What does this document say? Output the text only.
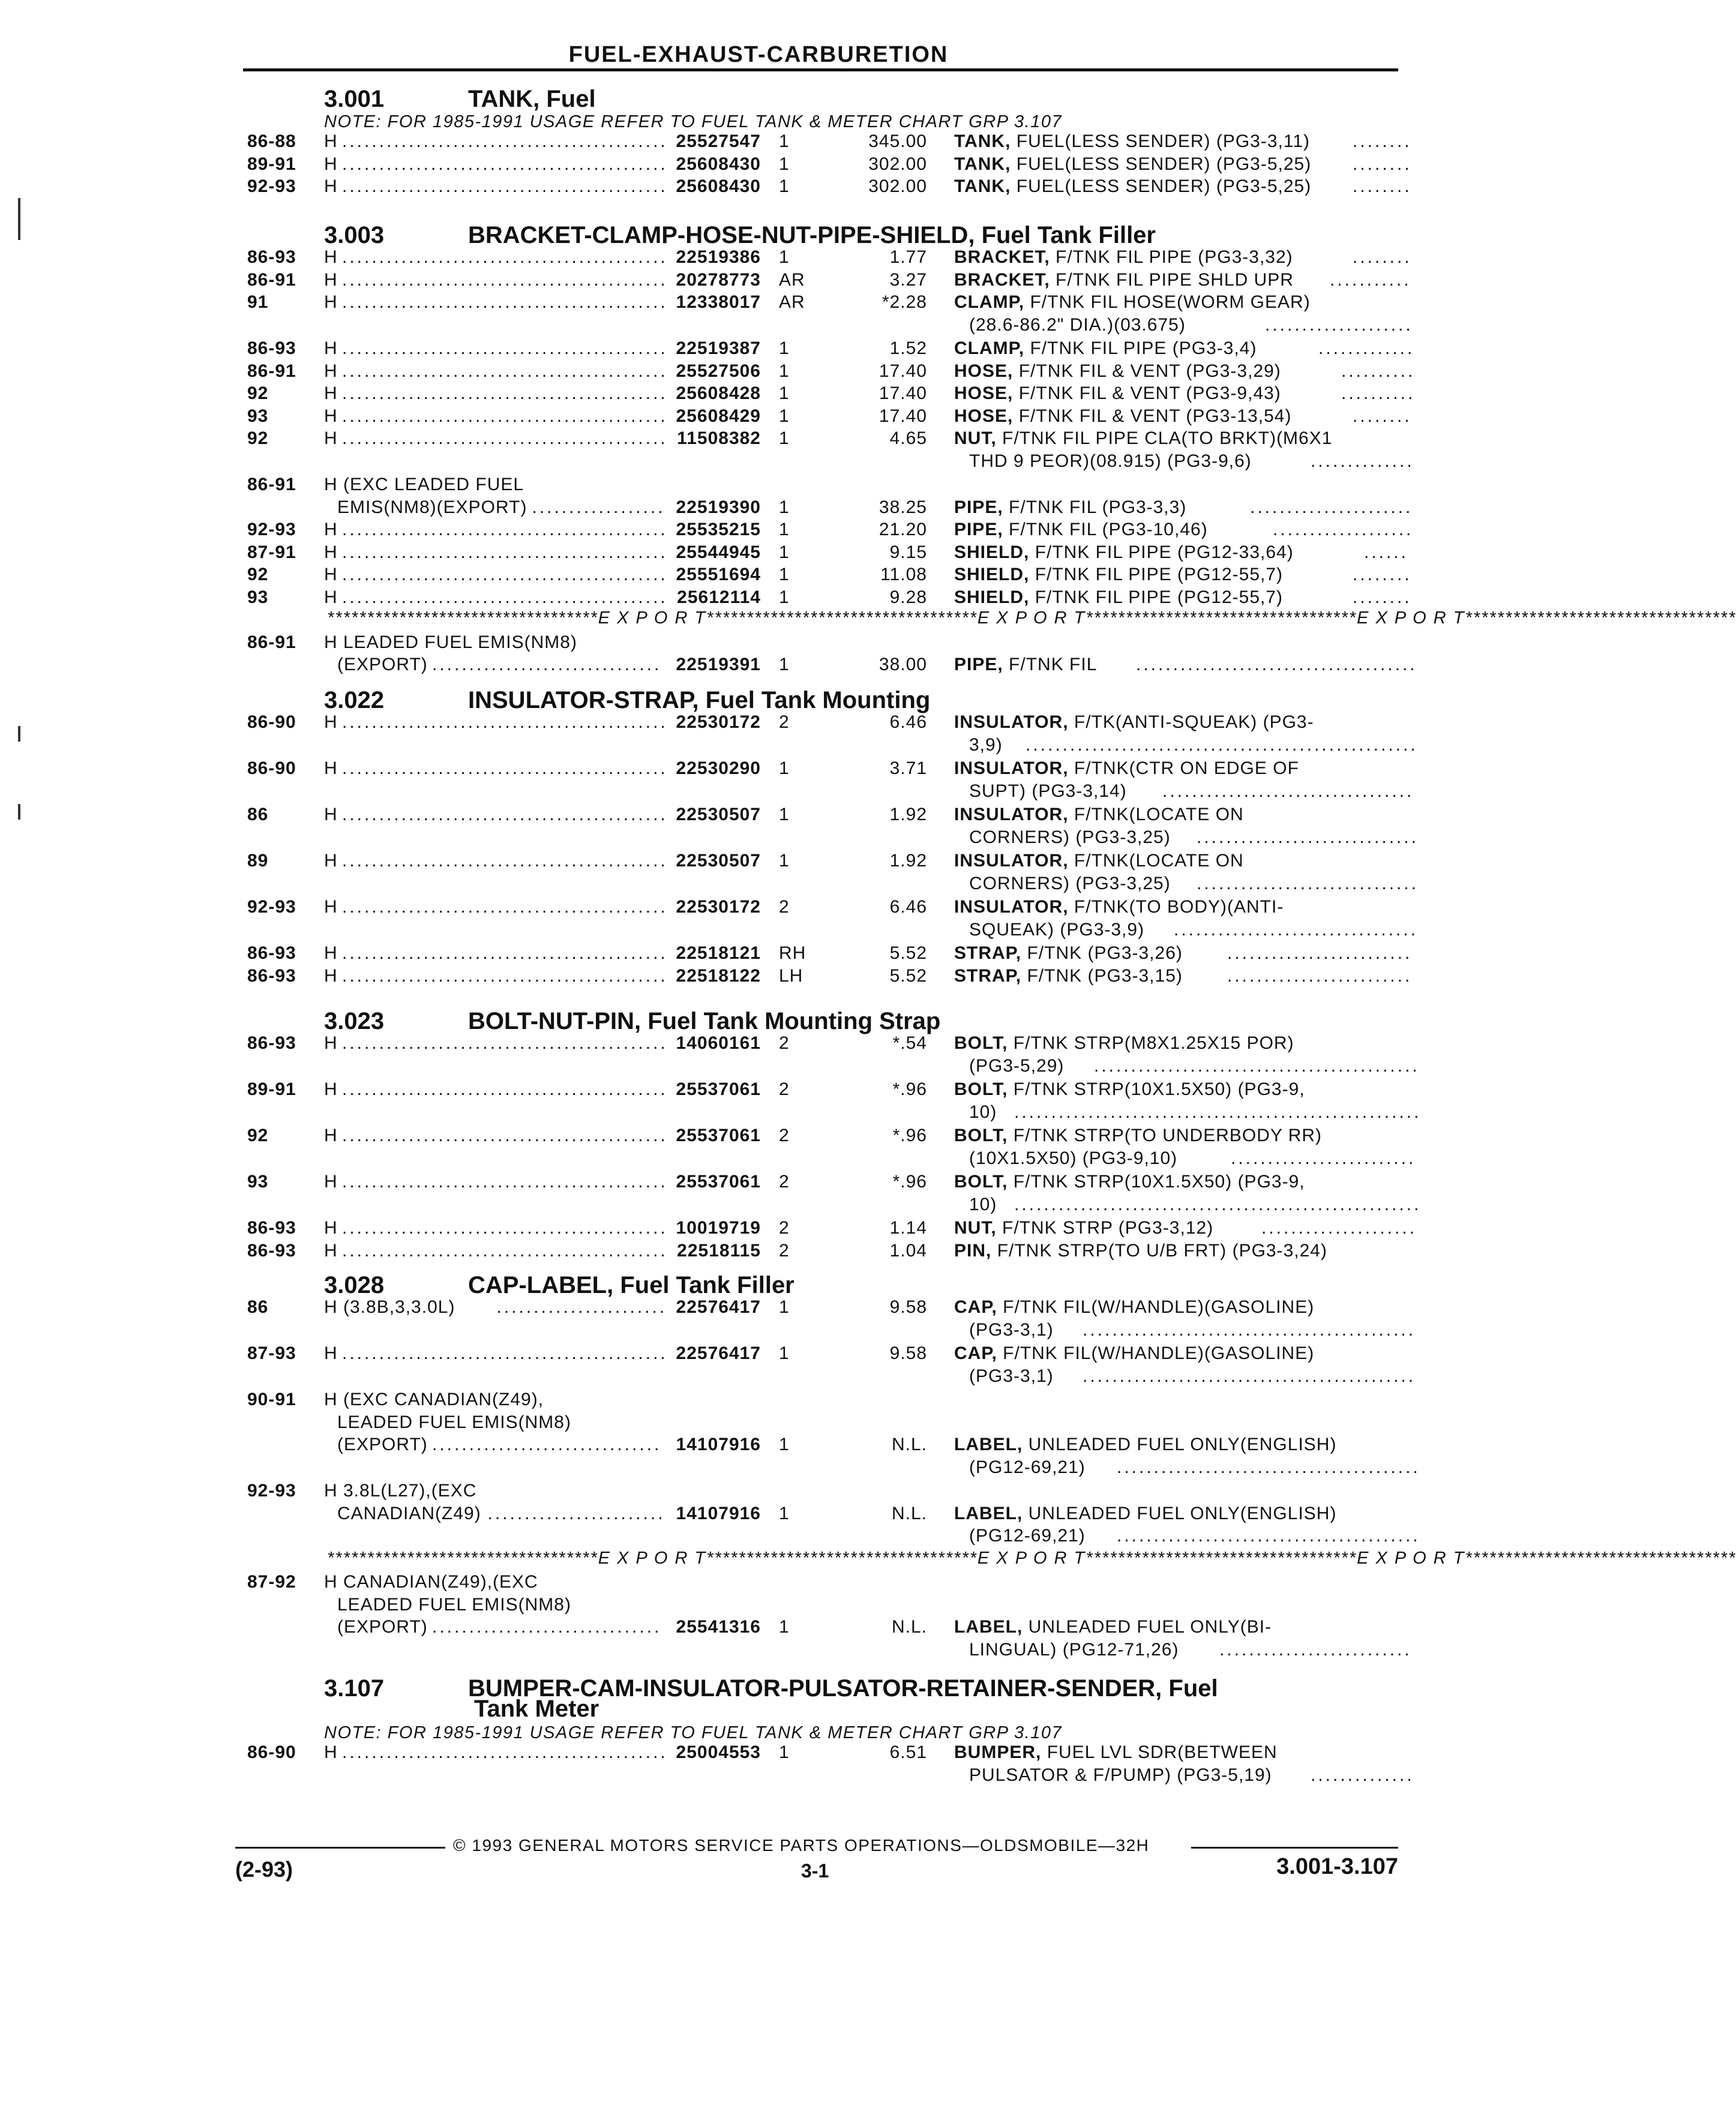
FUEL-EXHAUST-CARBURETION
3.001	TANK, Fuel
NOTE: FOR 1985-1991 USAGE REFER TO FUEL TANK & METER CHART GRP 3.107
86-88 H ............................................ 25527547 1	345.00 TANK, FUEL(LESS SENDER) (PG3-3,11) ........
89-91 H ............................................ 25608430 1	302.00 TANK, FUEL(LESS SENDER) (PG3-5,25) ........
92-93 H ............................................ 25608430 1	302.00 TANK, FUEL(LESS SENDER) (PG3-5,25) ........
3.003	BRACKET-CLAMP-HOSE-NUT-PIPE-SHIELD, Fuel Tank Filler
86-93 H ............................................ 22519386 1	1.77 BRACKET, F/TNK FIL PIPE (PG3-3,32)	........
86-91 H ............................................ 20278773 AR	3.27 BRACKET, F/TNK FIL PIPE SHLD UPR ...........
91	H ............................................ 12338017 AR	*2.28 CLAMP, F/TNK FIL HOSE(WORM GEAR)
(28.6-86.2" DIA.)(03.675)	....................
86-93 H ............................................ 22519387 1	1.52 CLAMP, F/TNK FIL PIPE (PG3-3,4)	.............
86-91 H ............................................ 25527506 1	17.40 HOSE, F/TNK FIL & VENT (PG3-3,29)	..........
92	H ............................................ 25608428 1	17.40 HOSE, F/TNK FIL & VENT (PG3-9,43)	..........
93	H ............................................ 25608429 1	17.40 HOSE, F/TNK FIL & VENT (PG3-13,54)	........
92	H ............................................ 11508382 1	4.65 NUT, F/TNK FIL PIPE CLA(TO BRKT)(M6X1
THD 9 PEOR)(08.915) (PG3-9,6)	..............
86-91 H (EXC LEADED FUEL
EMIS(NM8)(EXPORT) .................. 22519390 1	38.25 PIPE, F/TNK FIL (PG3-3,3)	......................
92-93 H ............................................ 25535215 1	21.20 PIPE, F/TNK FIL (PG3-10,46)	...................
87-91 H ............................................ 25544945 1	9.15 SHIELD, F/TNK FIL PIPE (PG12-33,64)	......
92	H ............................................ 25551694 1	11.08 SHIELD, F/TNK FIL PIPE (PG12-55,7)	........
93	H ............................................ 25612114 1	9.28 SHIELD, F/TNK FIL PIPE (PG12-55,7)	........
********************************** E X P O R T ********************************** E X P O R T ********************************** E X P O R T **********************************
86-91 H LEADED FUEL EMIS(NM8)
(EXPORT) ............................... 22519391 1	38.00 PIPE, F/TNK FIL ......................................
3.022	INSULATOR-STRAP, Fuel Tank Mounting
86-90 H ............................................ 22530172 2	6.46 INSULATOR, F/TK(ANTI-SQUEAK) (PG3-
3,9) .....................................................
86-90 H ............................................ 22530290 1	3.71 INSULATOR, F/TNK(CTR ON EDGE OF
SUPT) (PG3-3,14) ..................................
86	H ............................................ 22530507 1	1.92 INSULATOR, F/TNK(LOCATE ON
CORNERS) (PG3-3,25) ..............................
89	H ............................................ 22530507 1	1.92 INSULATOR, F/TNK(LOCATE ON
CORNERS) (PG3-3,25) ..............................
92-93 H ............................................ 22530172 2	6.46 INSULATOR, F/TNK(TO BODY)(ANTI-
SQUEAK) (PG3-3,9) .................................
86-93 H ............................................ 22518121 RH	5.52 STRAP, F/TNK (PG3-3,26) .........................
86-93 H ............................................ 22518122 LH	5.52 STRAP, F/TNK (PG3-3,15) .........................
3.023	BOLT-NUT-PIN, Fuel Tank Mounting Strap
86-93 H ............................................ 14060161 2	*.54 BOLT, F/TNK STRP(M8X1.25X15 POR)
(PG3-5,29) ............................................
89-91 H ............................................ 25537061 2	*.96 BOLT, F/TNK STRP(10X1.5X50) (PG3-9,
10) .......................................................
92	H ............................................ 25537061 2	*.96 BOLT, F/TNK STRP(TO UNDERBODY RR)
(10X1.5X50) (PG3-9,10)	.........................
93	H ............................................ 25537061 2	*.96 BOLT, F/TNK STRP(10X1.5X50) (PG3-9,
10) .......................................................
86-93 H ............................................ 10019719 2	1.14 NUT, F/TNK STRP (PG3-3,12)	.....................
86-93 H ............................................ 22518115 2	1.04 PIN, F/TNK STRP(TO U/B FRT) (PG3-3,24)
3.028	CAP-LABEL, Fuel Tank Filler
86	H (3.8B,3,3.0L) ....................... 22576417 1	9.58 CAP, F/TNK FIL(W/HANDLE)(GASOLINE)
(PG3-3,1) .............................................
87-93 H ............................................ 22576417 1	9.58 CAP, F/TNK FIL(W/HANDLE)(GASOLINE)
(PG3-3,1) .............................................
90-91 H (EXC CANADIAN(Z49),
LEADED FUEL EMIS(NM8)
(EXPORT) ............................... 14107916 1	N.L. LABEL, UNLEADED FUEL ONLY(ENGLISH)
(PG12-69,21) .........................................
92-93 H 3.8L(L27),(EXC
CANADIAN(Z49) ........................ 14107916 1	N.L. LABEL, UNLEADED FUEL ONLY(ENGLISH)
(PG12-69,21) .........................................
********************************** E X P O R T ********************************** E X P O R T ********************************** E X P O R T **********************************
87-92 H CANADIAN(Z49),(EXC
LEADED FUEL EMIS(NM8)
(EXPORT) ............................... 25541316 1	N.L. LABEL, UNLEADED FUEL ONLY(BI-
LINGUAL) (PG12-71,26) ..........................
3.107	BUMPER-CAM-INSULATOR-PULSATOR-RETAINER-SENDER, Fuel
Tank Meter
NOTE: FOR 1985-1991 USAGE REFER TO FUEL TANK & METER CHART GRP 3.107
86-90 H ............................................ 25004553 1	6.51 BUMPER, FUEL LVL SDR(BETWEEN
PULSATOR & F/PUMP) (PG3-5,19) ..............
© 1993 GENERAL MOTORS SERVICE PARTS OPERATIONS—OLDSMOBILE—32H
(2-93)	3-1	3.001-3.107
